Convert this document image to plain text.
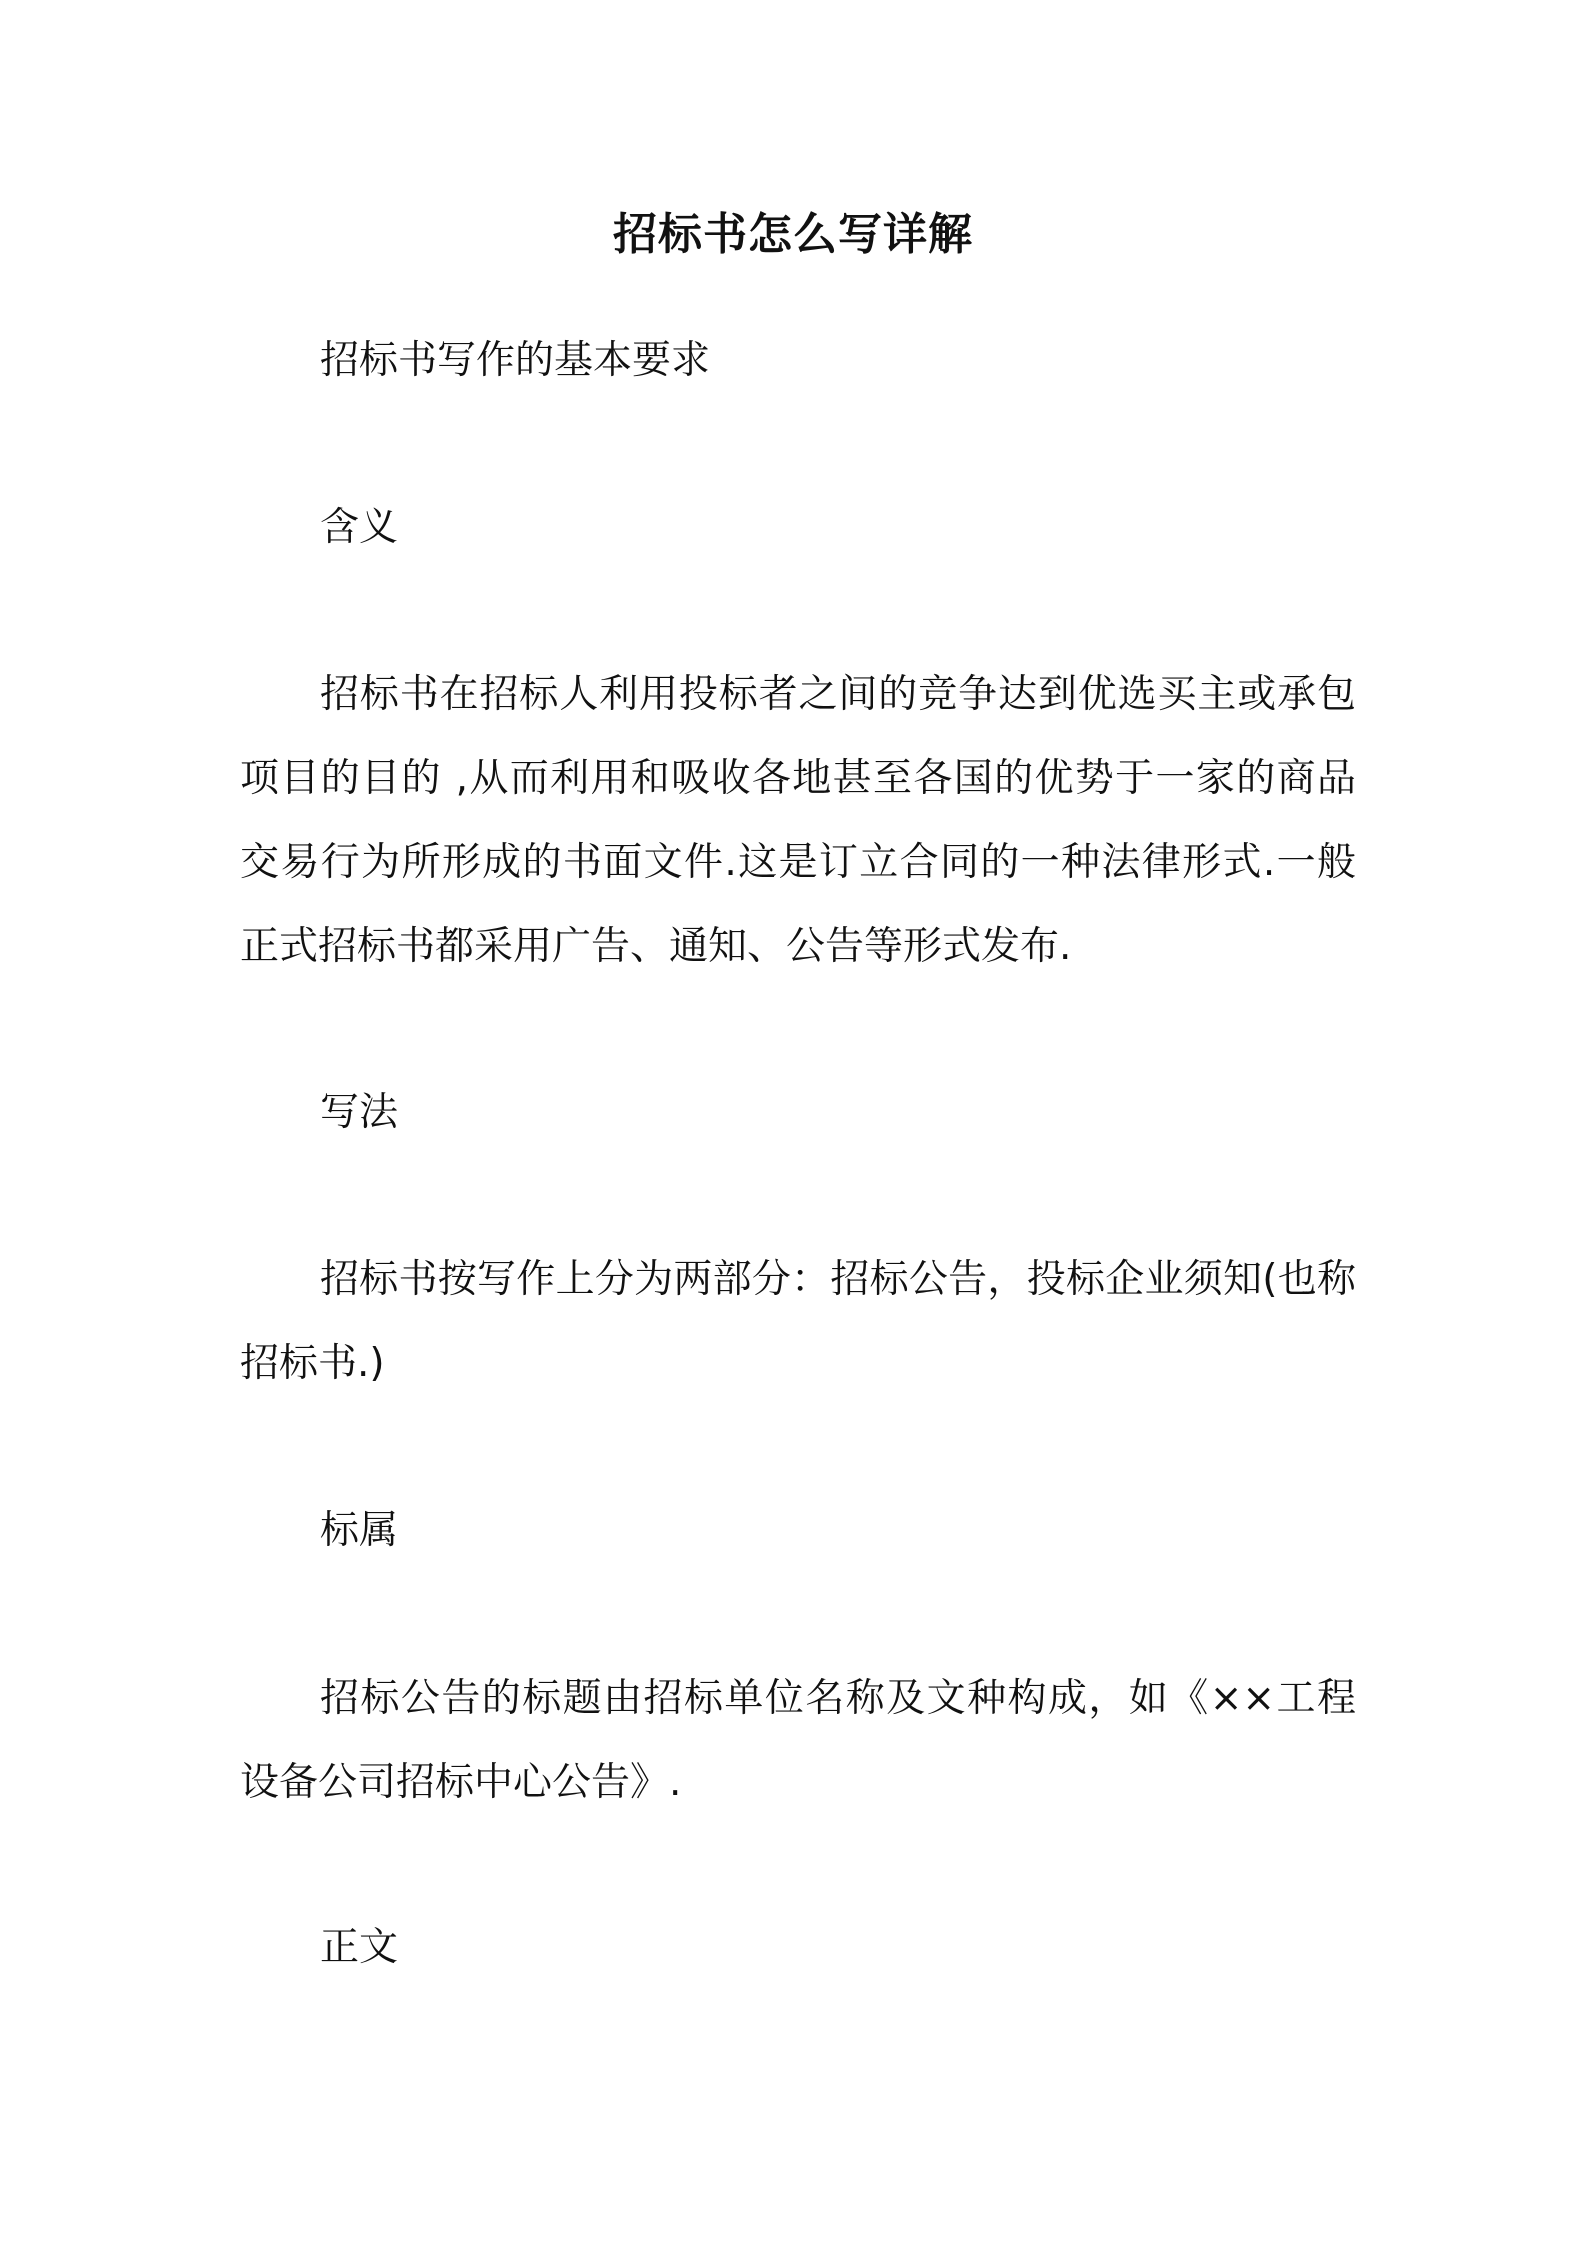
招标书怎么写详解
招标书写作的基本要求
含义
招标书在招标人利用投标者之间的竞争达到优选买主或承包项目的目的 ,从而利用和吸收各地甚至各国的优势于一家的商品交易行为所形成的书面文件.这是订立合同的一种法律形式.一般正式招标书都采用广告、通知、公告等形式发布.
写法
招标书按写作上分为两部分：招标公告，投标企业须知(也称招标书.)
标属
招标公告的标题由招标单位名称及文种构成，如《××工程设备公司招标中心公告》.
正文
